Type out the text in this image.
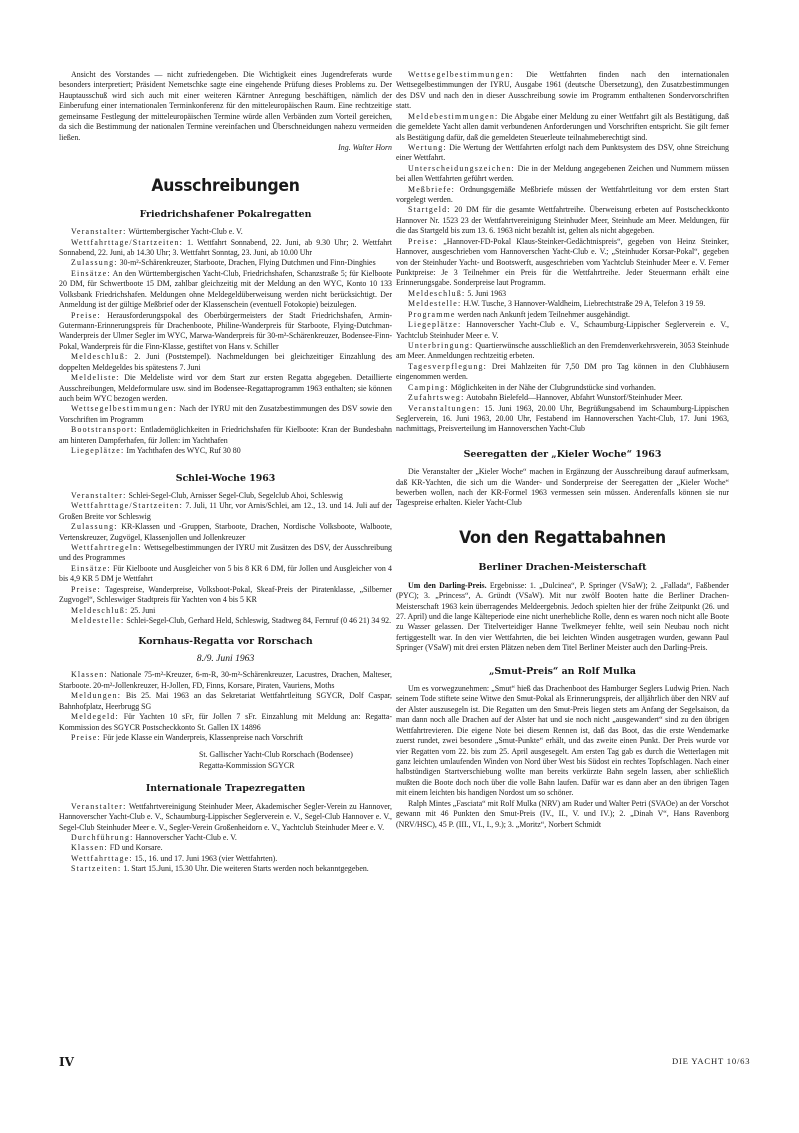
Ansicht des Vorstandes — nicht zufriedengeben. Die Wichtigkeit eines Jugendreferats wurde besonders interpretiert; Präsident Nemetschke sagte eine eingehende Prüfung dieses Problems zu. Der Hauptausschuß wird sich auch mit einer weiteren Kärntner Anregung beschäftigen, nämlich der Einberufung einer internationalen Terminkonferenz für den mitteleuropäischen Raum. Eine rechtzeitige gemeinsame Festlegung der mitteleuropäischen Termine würde allen Verbänden zum Vorteil gereichen, da sich die Bestimmung der nationalen Termine vereinfachen und Überschneidungen nahezu vermeiden ließen.

Ing. Walter Horn

Ausschreibungen
Friedrichshafener Pokalregatten

Veranstalter: Württembergischer Yacht-Club e. V.

Wettfahrttage/Startzeiten: 1. Wettfahrt Sonnabend, 22. Juni, ab 9.30 Uhr; 2. Wettfahrt Sonnabend, 22. Juni, ab 14.30 Uhr; 3. Wettfahrt Sonntag, 23. Juni, ab 10.00 Uhr

Zulassung: 30-m²-Schärenkreuzer, Starboote, Drachen, Flying Dutchmen und Finn-Dinghies

Einsätze: An den Württembergischen Yacht-Club, Friedrichshafen, Schanzstraße 5; für Kielboote 20 DM, für Schwertboote 15 DM, zahlbar gleichzeitig mit der Meldung an den WYC, Konto 10 133 Volksbank Friedrichshafen. Meldungen ohne Meldegeldüberweisung werden nicht berücksichtigt. Der Anmeldung ist der gültige Meßbrief oder der Klassenschein (eventuell Fotokopie) beizulegen.

Preise: Herausforderungspokal des Oberbürgermeisters der Stadt Friedrichshafen, Armin-Gutermann-Erinnerungspreis für Drachenboote, Philine-Wanderpreis für Starboote, Flying-Dutchman-Wanderpreis der Ulmer Segler im WYC, Marwa-Wanderpreis für 30-m²-Schärenkreuzer, Bodensee-Finn-Pokal, Wanderpreis für die Finn-Klasse, gestiftet von Hans v. Schiller

Meldeschluß: 2. Juni (Poststempel). Nachmeldungen bei gleichzeitiger Einzahlung des doppelten Meldegeldes bis spätestens 7. Juni

Meldeliste: Die Meldeliste wird vor dem Start zur ersten Regatta abgegeben. Detaillierte Ausschreibungen, Meldeformulare usw. sind im Bodensee-Regattaprogramm 1963 enthalten; sie können auch beim WYC bezogen werden.

Wettsegelbestimmungen: Nach der IYRU mit den Zusatzbestimmungen des DSV sowie den Vorschriften im Programm

Bootstransport: Entlademöglichkeiten in Friedrichshafen für Kielboote: Kran der Bundesbahn am hinteren Dampferhafen, für Jollen: im Yachthafen

Liegeplätze: Im Yachthafen des WYC, Ruf 30 80

Schlei-Woche 1963

Veranstalter: Schlei-Segel-Club, Arnisser Segel-Club, Segelclub Ahoi, Schleswig

Wettfahrttage/Startzeiten: 7. Juli, 11 Uhr, vor Arnis/Schlei, am 12., 13. und 14. Juli auf der Großen Breite vor Schleswig

Zulassung: KR-Klassen und -Gruppen, Starboote, Drachen, Nordische Volksboote, Walboote, Vertenskreuzer, Zugvögel, Klassenjollen und Jollenkreuzer

Wettfahrtregeln: Wettsegelbestimmungen der IYRU mit Zusätzen des DSV, der Ausschreibung und des Programmes

Einsätze: Für Kielboote und Ausgleicher von 5 bis 8 KR 6 DM, für Jollen und Ausgleicher von 4 bis 4,9 KR 5 DM je Wettfahrt

Preise: Tagespreise, Wanderpreise, Volksboot-Pokal, Skeaf-Preis der Piratenklasse, „Silberner Zugvogel“, Schleswiger Stadtpreis für Yachten von 4 bis 5 KR

Meldeschluß: 25. Juni

Meldestelle: Schlei-Segel-Club, Gerhard Held, Schleswig, Stadtweg 84, Fernruf (0 46 21) 34 92.

Kornhaus-Regatta vor Rorschach
8./9. Juni 1963

Klassen: Nationale 75-m²-Kreuzer, 6-m-R, 30-m²-Schärenkreuzer, Lacustres, Drachen, Malteser, Starboote. 20-m²-Jollenkreuzer, H-Jollen, FD, Finns, Korsare, Piraten, Vauriens, Moths

Meldungen: Bis 25. Mai 1963 an das Sekretariat Wettfahrtleitung SGYCR, Dolf Caspar, Bahnhofplatz, Heerbrugg SG

Meldegeld: Für Yachten 10 sFr, für Jollen 7 sFr. Einzahlung mit Meldung an: Regatta-Kommission des SGYCR Postscheckkonto St. Gallen IX 14896

Preise: Für jede Klasse ein Wanderpreis, Klassenpreise nach Vorschrift

St. Gallischer Yacht-Club Rorschach (Bodensee)

Regatta-Kommission SGYCR

Internationale Trapezregatten

Veranstalter: Wettfahrtvereinigung Steinhuder Meer, Akademischer Segler-Verein zu Hannover, Hannoverscher Yacht-Club e. V., Schaumburg-Lippischer Seglerverein e. V., Segel-Club Hannover e. V., Segel-Club Steinhuder Meer e. V., Segler-Verein Großenheidorn e. V., Yachtclub Steinhuder Meer e. V.

Durchführung: Hannoverscher Yacht-Club e. V.

Klassen: FD und Korsare.

Wettfahrttage: 15., 16. und 17. Juni 1963 (vier Wettfahrten).

Startzeiten: 1. Start 15.Juni, 15.30 Uhr. Die weiteren Starts werden noch bekanntgegeben.

Wettsegelbestimmungen: Die Wettfahrten finden nach den internationalen Wettsegelbestimmungen der IYRU, Ausgabe 1961 (deutsche Übersetzung), den Zusatzbestimmungen des DSV und nach den in dieser Ausschreibung sowie im Programm enthaltenen Sondervorschriften statt.

Meldebestimmungen: Die Abgabe einer Meldung zu einer Wettfahrt gilt als Bestätigung, daß die gemeldete Yacht allen damit verbundenen Anforderungen und Vorschriften entspricht. Sie gilt ferner als Bestätigung dafür, daß die gemeldeten Steuerleute teilnahmeberechtigt sind.

Wertung: Die Wertung der Wettfahrten erfolgt nach dem Punktsystem des DSV, ohne Streichung einer Wettfahrt.

Unterscheidungszeichen: Die in der Meldung angegebenen Zeichen und Nummern müssen bei allen Wettfahrten geführt werden.

Meßbriefe: Ordnungsgemäße Meßbriefe müssen der Wettfahrtleitung vor dem ersten Start vorgelegt werden.

Startgeld: 20 DM für die gesamte Wettfahrtreihe. Überweisung erbeten auf Postscheckkonto Hannover Nr. 1523 23 der Wettfahrtvereinigung Steinhuder Meer, Steinhude am Meer. Meldungen, für die das Startgeld bis zum 13. 6. 1963 nicht bezahlt ist, gelten als nicht abgegeben.

Preise: „Hannover-FD-Pokal Klaus-Steinker-Gedächtnispreis“, gegeben von Heinz Steinker, Hannover, ausgeschrieben vom Hannoverschen Yacht-Club e. V.; „Steinhuder Korsar-Pokal“, gegeben von der Steinhuder Yacht- und Bootswerft, ausgeschrieben vom Yachtclub Steinhuder Meer e. V. Ferner Punktpreise: Je 3 Teilnehmer ein Preis für die Wettfahrtreihe. Jeder Steuermann erhält eine Erinnerungsgabe. Sonderpreise laut Programm.

Meldeschluß: 5. Juni 1963

Meldestelle: H.W. Tusche, 3 Hannover-Waldheim, Liebrechtstraße 29 A, Telefon 3 19 59.

Programme werden nach Ankunft jedem Teilnehmer ausgehändigt.

Liegeplätze: Hannoverscher Yacht-Club e. V., Schaumburg-Lippischer Seglerverein e. V., Yachtclub Steinhuder Meer e. V.

Unterbringung: Quartierwünsche ausschließlich an den Fremdenverkehrsverein, 3053 Steinhude am Meer. Anmeldungen rechtzeitig erbeten.

Tagesverpflegung: Drei Mahlzeiten für 7,50 DM pro Tag können in den Clubhäusern eingenommen werden.

Camping: Möglichkeiten in der Nähe der Clubgrundstücke sind vorhanden.

Zufahrtsweg: Autobahn Bielefeld—Hannover, Abfahrt Wunstorf/Steinhuder Meer.

Veranstaltungen: 15. Juni 1963, 20.00 Uhr, Begrüßungsabend im Schaumburg-Lippischen Seglerverein, 16. Juni 1963, 20.00 Uhr, Festabend im Hannoverschen Yacht-Club, 17. Juni 1963, nachmittags, Preisverteilung im Hannoverschen Yacht-Club

Seeregatten der „Kieler Woche“ 1963

Die Veranstalter der „Kieler Woche“ machen in Ergänzung der Ausschreibung darauf aufmerksam, daß KR-Yachten, die sich um die Wander- und Sonderpreise der Seeregatten der „Kieler Woche“ bewerben wollen, nach der KR-Formel 1963 vermessen sein müssen. Anderenfalls können sie nur Tagespreise erhalten. Kieler Yacht-Club

Von den Regattabahnen
Berliner Drachen-Meisterschaft

Um den Darling-Preis. Ergebnisse: 1. „Dulcinea“, P. Springer (VSaW); 2. „Fallada“, Faßbender (PYC); 3. „Princess“, A. Gründt (VSaW). Mit nur zwölf Booten hatte die Berliner Drachen-Meisterschaft 1963 kein überragendes Meldeergebnis. Jedoch spielten hier der frühe Zeitpunkt (26. und 27. April) und die lange Kälteperiode eine nicht unerhebliche Rolle, denn es waren noch nicht alle Boote zu Wasser gelassen. Der Titelverteidiger Hanne Twelkmeyer fehlte, weil sein Neubau noch nicht fertiggestellt war. In den vier Wettfahrten, die bei leichten Winden ausgetragen wurden, gewann Paul Springer (VSaW) mit drei ersten Plätzen neben dem Titel Berliner Meister auch den Darling-Preis.

„Smut-Preis“ an Rolf Mulka

Um es vorwegzunehmen: „Smut“ hieß das Drachenboot des Hamburger Seglers Ludwig Prien. Nach seinem Tode stiftete seine Witwe den Smut-Pokal als Erinnerungspreis, der alljährlich über den NRV auf der Alster auszusegeln ist. Die Regatten um den Smut-Preis liegen stets am Anfang der Segelsaison, da man dann noch alle Drachen auf der Alster hat und sie noch nicht „ausgewandert“ sind zu den übrigen Wettfahrtrevieren. Die eigene Note bei diesem Rennen ist, daß das Boot, das die erste Wendemarke zuerst rundet, zwei besondere „Smut-Punkte“ erhält, und das zweite einen Punkt. Der Preis wurde vor vier Regatten vom 22. bis zum 25. April ausgesegelt. Am ersten Tag gab es durch die Wetterlagen mit ganz leichten umlaufenden Winden von Nord über West bis Südost ein rechtes Topfschlagen. Nach einer halbstündigen Startverschiebung wollte man bereits verkürzte Bahn segeln lassen, aber schließlich mußten die Boote doch noch über die volle Bahn laufen. Dafür war es dann aber an den übrigen Tagen mit einem leichten bis handigen Nordost um so schöner.

Ralph Mintes „Fasciata“ mit Rolf Mulka (NRV) am Ruder und Walter Petri (SVAOe) an der Vorschot gewann mit 46 Punkten den Smut-Preis (IV., II., V. und IV.); 2. „Dinah V“, Hans Ravenborg (NRV/HSC), 45 P. (III., VI., I., 9.); 3. „Moritz“, Norbert Schmidt

IV	DIE YACHT 10/63
